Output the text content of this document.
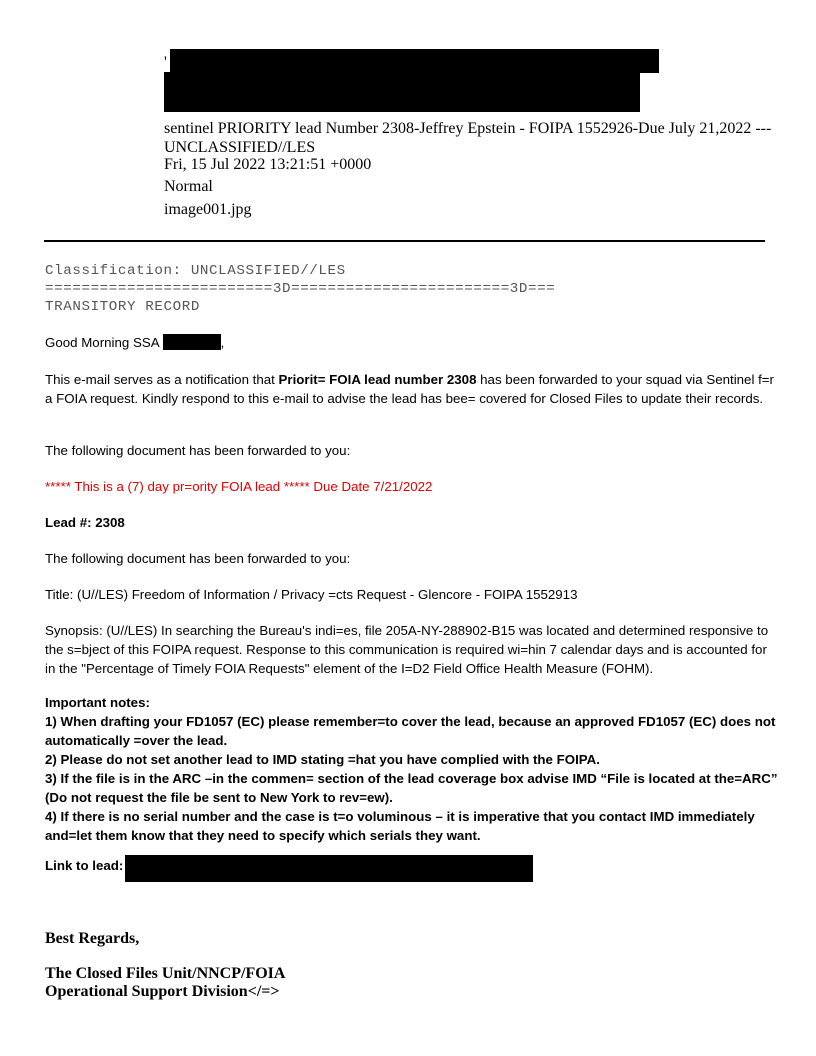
'
sentinel PRIORITY lead Number 2308-Jeffrey Epstein - FOIPA 1552926-Due July 21,2022 --- UNCLASSIFIED//LES
Fri, 15 Jul 2022 13:21:51 +0000
Normal
image001.jpg
Classification: UNCLASSIFIED//LES
=========================3D========================3D===
TRANSITORY RECORD
Good Morning SSA	,
This e-mail serves as a notification that Priorit= FOIA lead number 2308 has been forwarded to your squad via Sentinel f=r a FOIA request. Kindly respond to this e-mail to advise the lead has bee= covered for Closed Files to update their records.
The following document has been forwarded to you:
***** This is a (7) day pr=ority FOIA lead ***** Due Date 7/21/2022
Lead #: 2308
The following document has been forwarded to you:
Title: (U//LES) Freedom of Information / Privacy =cts Request - Glencore - FOIPA 1552913
Synopsis: (U//LES) In searching the Bureau's indi=es, file 205A-NY-288902-B15 was located and determined responsive to the s=bject of this FOIPA request. Response to this communication is required wi=hin 7 calendar days and is accounted for in the "Percentage of Timely FOIA Requests" element of the I=D2 Field Office Health Measure (FOHM).
Important notes:
1) When drafting your FD1057 (EC) please remember=to cover the lead, because an approved FD1057 (EC) does not automatically =over the lead.
2) Please do not set another lead to IMD stating =hat you have complied with the FOIPA.
3) If the file is in the ARC –in the commen= section of the lead coverage box advise IMD “File is located at the=ARC” (Do not request the file be sent to New York to rev=ew).
4) If there is no serial number and the case is t=o voluminous – it is imperative that you contact IMD immediately and=let them know that they need to specify which serials they want.
Link to lead:
Best Regards,
The Closed Files Unit/NNCP/FOIA
Operational Support Division</=>
